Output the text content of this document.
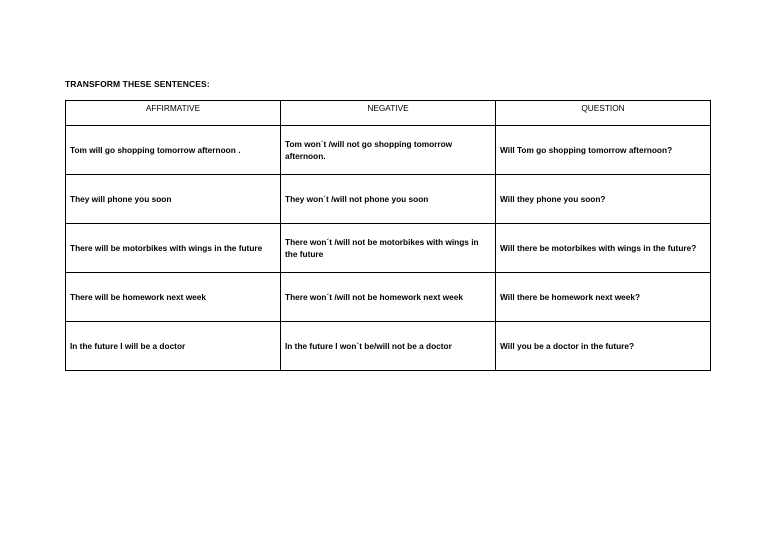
TRANSFORM THESE SENTENCES:
AFFIRMATIVE	NEGATIVE	QUESTION

Tom will go shopping tomorrow afternoon .	Tom won´t /will not go shopping tomorrow afternoon.	Will Tom go shopping tomorrow afternoon?
They will phone you soon	They won´t /will not phone you soon	Will they phone you soon?
There will be motorbikes with wings in the future	There won´t /will not be motorbikes with wings in the future	Will there be motorbikes with wings in the future?
There will be homework next week	There won´t /will not be homework next week	Will there be homework next week?
In the future I will be a doctor	In the future I won´t be/will not be a doctor	Will you be a doctor in the future?
